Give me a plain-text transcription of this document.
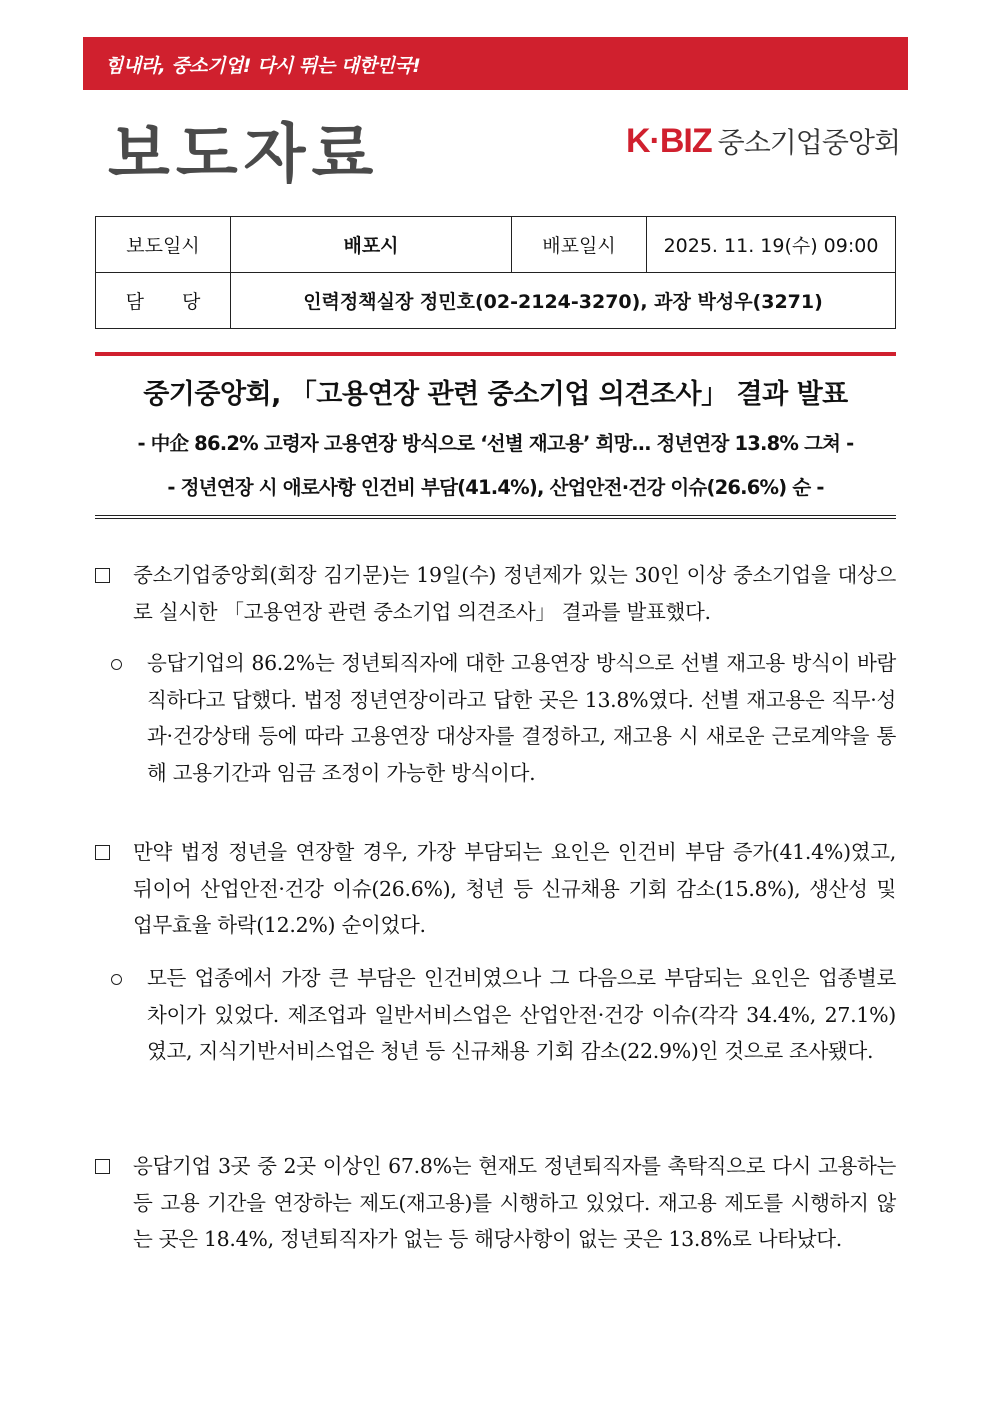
힘내라, 중소기업! 다시 뛰는 대한민국!
보도자료	K·BIZ 중소기업중앙회
보도일시	배포시	배포일시	2025. 11. 19(수) 09:00
담　　당	인력정책실장 정민호(02-2124-3270), 과장 박성우(3271)		
중기중앙회, 「고용연장 관련 중소기업 의견조사」 결과 발표
- 中企 86.2% 고령자 고용연장 방식으로 ‘선별 재고용’ 희망… 정년연장 13.8% 그쳐 -
- 정년연장 시 애로사항 인건비 부담(41.4%), 산업안전·건강 이슈(26.6%) 순 -
중소기업중앙회(회장 김기문)는 19일(수) 정년제가 있는 30인 이상 중소기업을 대상으로 실시한 「고용연장 관련 중소기업 의견조사」 결과를 발표했다.
응답기업의 86.2%는 정년퇴직자에 대한 고용연장 방식으로 선별 재고용 방식이 바람직하다고 답했다. 법정 정년연장이라고 답한 곳은 13.8%였다. 선별 재고용은 직무·성과·건강상태 등에 따라 고용연장 대상자를 결정하고, 재고용 시 새로운 근로계약을 통해 고용기간과 임금 조정이 가능한 방식이다.
만약 법정 정년을 연장할 경우, 가장 부담되는 요인은 인건비 부담 증가(41.4%)였고, 뒤이어 산업안전·건강 이슈(26.6%), 청년 등 신규채용 기회 감소(15.8%), 생산성 및 업무효율 하락(12.2%) 순이었다.
모든 업종에서 가장 큰 부담은 인건비였으나 그 다음으로 부담되는 요인은 업종별로 차이가 있었다. 제조업과 일반서비스업은 산업안전·건강 이슈(각각 34.4%, 27.1%)였고, 지식기반서비스업은 청년 등 신규채용 기회 감소(22.9%)인 것으로 조사됐다.
응답기업 3곳 중 2곳 이상인 67.8%는 현재도 정년퇴직자를 촉탁직으로 다시 고용하는 등 고용 기간을 연장하는 제도(재고용)를 시행하고 있었다. 재고용 제도를 시행하지 않는 곳은 18.4%, 정년퇴직자가 없는 등 해당사항이 없는 곳은 13.8%로 나타났다.
